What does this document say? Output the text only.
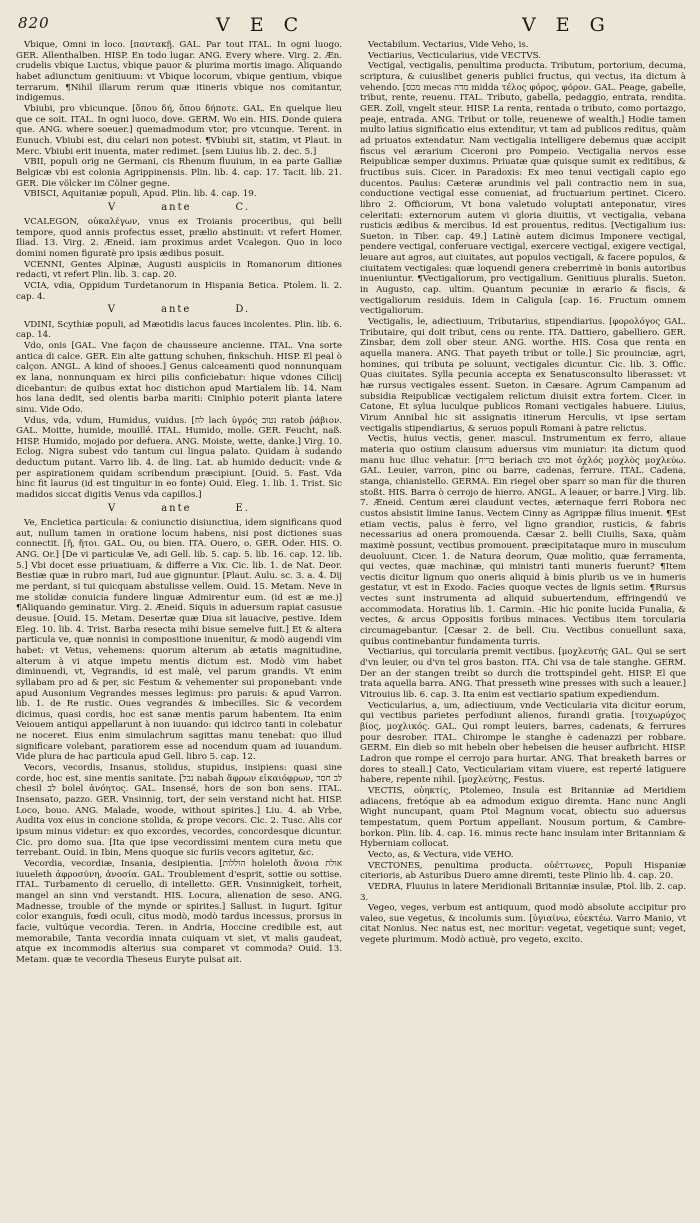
820	V E C	V E G

Vbique, Omni in loco. [παντακῇ. GAL. Par tout ITAL. In ogni luogo. GER. Allenthalben. HISP. En todo lugar. ANG. Every where. Virg. 2. Æn. crudelis vbique Luctus, vbique pauor & plurima mortis imago. Aliquando habet adiunctum genitiuum: vt Vbique locorum, vbique gentium, vbique terrarum. ¶Nihil illarum rerum quæ itineris vbique nos comitantur, indigemus.

Vbiubi, pro vbicunque. [ὅπου δή, ὅπου δήποτε. GAL. En quelque lieu que ce soit. ITAL. In ogni luoco, dove. GERM. Wo ein. HIS. Donde quiera que. ANG. where soeuer.] quemadmodum vtor, pro vtcunque. Terent. in Eunuch. Vbiubi est, diu celari non potest. ¶Vbiubi sit, statim, vt Plaut. in Merc. Vbiubi erit inuenta, mater redimet. [sem Liuius lib. 2. dec. 5.]

VBII, populi orig ne Germani, cis Rhenum fluuium, in ea parte Galliæ Belgicæ vbi est colonia Agrippinensis. Plin. lib. 4. cap. 17. Tacit. lib. 21. GER. Die völcker im Cölner gegne.

VBISCI, Aquitaniæ populi, Apud. Plin. lib. 4. cap. 19.

V	ante	C.

VCALEGON, οὐκαλέγων, vnus ex Troianis proceribus, qui belli tempore, quod annis profectus esset, prælio abstinuit: vt refert Homer. Iliad. 13. Virg. 2. Æneid. iam proximus ardet Vcalegon. Quo in loco domini nomen figuratè pro ipsis ædibus posuit.

VCENNI, Gentes Alpinæ, Augusti auspiciis in Romanorum ditiones redacti, vt refert Plin. lib. 3. cap. 20.

VCIA, vdia, Oppidum Turdetanorum in Hispania Betica. Ptolem. li. 2. cap. 4.

V	ante	D.

VDINI, Scythiæ populi, ad Mæotidis lacus fauces incolentes. Plin. lib. 6. cap. 14.

Vdo, onis [GAL. Vne façon de chausseure ancienne. ITAL. Vna sorte antica di calce. GER. Ein alte gattung schuhen, finkschuh. HISP. El peal ò calçon. ANGL. A kind of shooes.] Genus calceamenti quod nonnunquam ex lana, nonnunquam ex hirci pilis conficiebatur: hique vdones Cilicij dicebantur: de quibus extat hoc distichon apud Martialem lib. 14. Nam hos lana dedit, sed olentis barba mariti: Ciniphio poterit planta latere sinu. Vide Odo.

Vdus, vda, vdum, Humidus, vuidus. [לח lach ὑγρός נטוב ratob ῥάβιον. GAL. Moitte, humide, mouillé. ITAL. Humido, molle. GER. Feucht, naß. HISP. Humido, mojado por defuera. ANG. Moiste, wette, danke.] Virg. 10. Eclog. Nigra subest vdo tantum cui lingua palato. Quidam à sudando deductum putant. Varro lib. 4. de ling. Lat. ab humido deducit: vnde & per aspirationem quidam scribendum præcipiunt. [Ouid. 5. Fast. Vda hinc fit laurus (id est tinguitur in eo fonte) Ouid. Eleg. 1. lib. 1. Trist. Sic madidos siccat digitis Venus vda capillos.]

V	ante	E.

Ve, Encletica particula: & coniunctio disiunctiua, idem significans quod aut, nullum tamen in oratione locum habens, nisi post dictiones suas connectit. [ἤ, ἤτοι. GAL. Ou, ou bien. ITA. Ouero, o. GER. Oder. HIS. O. ANG. Or.] [De vi particulæ Ve, adi Gell. lib. 5. cap. 5. lib. 16. cap. 12. lib. 5.] Vbi docet esse priuatiuam, & differre a Vix. Cic. lib. 1. de Nat. Deor. Bestiæ quæ in rubro mari, Iud aue gignuntur. [Plaut. Aulu. sc. 3. a. 4. Dij me perdant, si tui quicquam abstulisse vellem. Ouid. 15. Metam. Neve in me stolidæ conuicia fundere linguæ Admirentur eum. (id est æ me.)] ¶Aliquando geminatur. Virg. 2. Æneid. Siquis in aduersum rapiat casusue deusue. [Ouid. 15. Metam. Desertæ quæ Diua sit lauacive, pestive. Idem Eleg. 10. lib. 4. Trist. Barba resecta mihi bisue semelve fuit.] Et & altera particula ve, quæ nonnisi in compositione inuenitur, & modò augendi vim habet: vt Vetus, vehemens: quorum alterum ab ætatis magnitudine, alterum à vi atque impetu mentis dictum est. Modò vim habet diminuendi, vt, Vegrandis, id est malè, vel parum grandis. Vt enim syllabam pro ad & per, sic Festum & vehementer sui proponebant: vnde apud Ausonium Vegrandes messes legimus: pro paruis: & apud Varron. lib. 1. de Re rustic. Oues vegrandes & imbecilles. Sic & vecordem dicimus, quasi cordis, hoc est sanæ mentis parum habentem. Ita enim Veiouem antiqui appellarunt à non iuuando: qui idcirco tanti in colebatur ne noceret. Eius enim simulachrum sagittas manu tenebat: quo illud significare volebant, paratiorem esse ad nocendum quam ad iuuandum. Vide plura de hac particula apud Gell. libro 5. cap. 12.

Vecors, vecordis, Insanus, stolidus, stupidus, insipiens: quasi sine corde, hoc est, sine mentis sanitate. [נבל nabah ἄφρων εἰκαιόφρων, לב חסר chesil לב bolel ἀνόητος. GAL. Insensé, hors de son bon sens. ITAL. Insensato, pazzo. GER. Vnsinnig, tort, der sein verstand nicht hat. HISP. Loco, bouo. ANG. Malade, woode, without spirites.] Liu. 4. ab Vrbe, Audita vox eius in concione stolida, & prope vecors. Cic. 2. Tusc. Alis cor ipsum minus videtur: ex quo excordes, vecordes, concordesque dicuntur. Cic. pro domo sua. [Ita que ipse vecordissimi mentem cura metu que terrebant. Ouid. in Ibin, Mens quoque sic furiis vecors agitetur, &c.

Vecordia, vecordiæ, Insania, desipientia. [הוללות holeloth ἄνοια אולת iuueleth ἀφροσύνη, ἀνοσία. GAL. Troublement d'esprit, sottie ou sottise. ITAL. Turbamento di ceruello, di intelletto. GER. Vnsinnigkeit, torheit, mangel an sinn vnd verstandt. HIS. Locura, alienation de seso. ANG. Madnesse, trouble of the mynde or spirites.] Sallust. in Iugurt. Igitur color exanguis, fœdi oculi, citus modò, modò tardus incessus, prorsus in facie, vultúque vecordia. Teren. in Andria, Hoccine credibile est, aut memorabile, Tanta vecordia innata cuiquam vt siet, vt malis gaudeat, atque ex incommodis alterius sua comparet vt commoda? Ouid. 13. Metam. quæ te vecordia Theseus Euryte pulsat ait.

Vectabilum. Vectarius, Vide Veho, is.

Vectiarius, Vecticularius, vide VECTVS.

Vectigal, vectigalis, penultima producta. Tributum, portorium, decuma, scriptura, & cuiuslibet generis publici fructus, qui vectus, ita dictum à vehendo. [מכס mecas מדה midda τέλος φόρος, φόρον. GAL. Peage, gabelle, tribut, rente, reuenu. ITAL. Tributo, gabella, pedaggio, entrata, rendita. GER. Zoll, vngelt steur. HISP. La renta, rentada o tributo, como portazgo, peaje, entrada. ANG. Tribut or tolle, reuenewe of wealth.] Hodie tamen multo latius significatio eius extenditur, vt tam ad publicos reditus, quàm ad priuatos extendatur. Nam vectigalia intelligere debemus quæ accipit fiscus vel ærarium Ciceroni pro Pompeio. Vectigalia nervos esse Reipublicæ semper duximus. Priuatæ quæ quisque sumit ex reditibus, & fructibus suis. Cicer. in Paradoxis: Ex meo tenui vectigali capio ego ducentos. Paulus: Cæteræ arundinis vel pali contractio nem in sua, conductione vectigal esse conueniat, ad fructuarium pertinet. Cicero. libro 2. Officiorum, Vt bona valetudo voluptati anteponatur, vires celeritati: externorum autem vi gloria diuitiis, vt vectigalia, vebana rusticis ædibus & mercibus. Id est prouentus, reditus. [Vectigalium ius: Sueton. in Tiber. cap. 49.] Latinè autem dicimus Imponere vectigal, pendere vectigal, conferuare vectigal, exercere vectigal, exigere vectigal, leuare aut agros, aut ciuitates, aut populos vectigali, & facere populos, & ciuitatem vectigales: quæ loquendi genera creberrimè in bonis autoribus inueniuntur. ¶Vectigaliorum, pro vectigalium. Genitiuus pluralis. Sueton. in Augusto, cap. ultim. Quantum pecuniæ in ærario & fiscis, & vectigaliorum residuis. Idem in Caligula [cap. 16. Fructum omnem vectigaliorum.

Vectigalis, le, adiectiuum, Tributarius, stipendiarius. [φορολόγος GAL. Tributaire, qui doit tribut, cens ou rente. ITA. Dattiero, gabelliero. GER. Zinsbar, dem zoll ober steur. ANG. worthe. HIS. Cosa que renta en aquella manera. ANG. That payeth tribut or tolle.] Sic prouinciæ, agri, homines, qui tributa pe soluunt, vectigales dicuntur. Cic. lib. 3. Offic. Quas ciuitates. Sylla pecunia accepta ex Senatusconsulto liberasset: vt hæ rursus vectigales essent. Sueton. in Cæsare. Agrum Campanum ad subsidia Reipublicæ vectigalem relictum diuisit extra fortem. Cicer. in Catone, Et sylua luculque publicos Romani vectigales habuere. Liuius, Virum Annibal hic sit assignatis itinerum Herculis, vt ipse sertam vectigalis stipendiarius, & seruos populi Romani à patre relictus.

Vectis, huius vectis, gener. mascul. Instrumentum ex ferro, aliaue materia quo ostium clausum aduersus vim muniatur: ita dictum quod manu huc illuc vehatur. [בריח beriach מוט mot ὀχλός μοχλὸς μοχλεύω. GAL. Leuier, varron, pinc ou barre, cadenas, ferrure. ITAL. Cadena, stanga, chianistello. GERMA. Ein riegel ober sparr so man für die thuren stoßt. HIS. Barra ò cerrojo de hierro. ANGL. A leauer, or barre.] Virg. lib. 7. Æneid. Centum ærei claudunt vectes, æternaque ferri Robora nec custos absistit limine Ianus. Vectem Cinny as Agrippæ filius inuenit. ¶Est etiam vectis, palus è ferro, vel ligno grandior, rusticis, & fabris necessarius ad onera promouenda. Cæsar 2. belli Ciuilis, Saxa, quàm maximè possunt, vectibus promouent. præcipitataque muro in musculum deuoluunt. Cicer. 1. de Natura deorum, Quæ molitio, quæ ferramenta, qui vectes, quæ machinæ, qui ministri tanti muneris fuerunt? ¶Item vectis dicitur lignum quo oneris aliquid à binis plurib us ve in humeris gestatur, vt est in Exodo. Facies quoque vectes de lignis setim. ¶Rursus vectes sunt instrumenta ad aliquid subuertendum, effringendú ve accommodata. Horatius lib. 1. Carmin. -Hic hic ponite lucida Funalia, & vectes, & arcus Oppositis foribus minaces. Vectibus item torcularia circumagebantur. [Cæsar 2. de bell. Ciu. Vectibus conuellunt saxa, quibus continebantur fundamenta turris.

Vectiarius, qui torcularia premit vectibus. [μοχλευτής GAL. Qui se sert d'vn leuier, ou d'vn tel gros baston. ITA. Chi vsa de tale stanghe. GERM. Der an der stangen treibt so durch die trottspindel geht. HISP. El que trata aquella barra. ANG. That presseth wine presses with such a leauer.] Vitrouius lib. 6. cap. 3. Ita enim est vectiario spatium expediendum.

Vecticularius, a, um, adiectiuum, vnde Vecticularia vita dicitur eorum, qui vectibus parietes perfodiunt alienos, furandi gratia. [τοιχωρύχος βίος, μοχλικός. GAL. Qui rompt leuiers, barres, cadenats, & ferrures pour desrober. ITAL. Chirompe le stanghe è cadenazzi per robbare. GERM. Ein dieb so mit hebeln ober hebeisen die heuser aufbricht. HISP. Ladron que rompe el cerrojo para hurtar. ANG. That breaketh barres or dores to steall.] Cato, Vecticulariam vitam viuere, est reperté latiguere habere, repente nihil. [μοχλεύτης, Festus.

VECTIS, οὐηκτίς, Ptolemeo, Insula est Britanniæ ad Meridiem adiacens, fretóque ab ea admodum exiguo diremta. Hanc nunc Angli Wight nuncupant, quam Ptol Magnum vocat, obiectu suo aduersus tempestatum, quem Portum appellant. Nousum portum, & Cambre-borkon. Plin. lib. 4. cap. 16. minus recte hanc insulam inter Britanniam & Hyberniam collocat.

Vecto, as, & Vectura, vide VEHO.

VECTONES, penultima producta. οὐέττωνες, Populi Hispaniæ citerioris, ab Asturibus Duero amne diremti, teste Plinio lib. 4. cap. 20.

VEDRA, Fluuius in latere Meridionali Britanniæ insulæ, Ptol. lib. 2. cap. 3.

Vegeo, veges, verbum est antiquum, quod modò absolute accipitur pro valeo, sue vegetus, & incolumis sum. [ὑγιαίνω, εὐεκτέω. Varro Manio, vt citat Nonius. Nec natus est, nec moritur: vegetat, vegetique sunt; veget, vegete plurimum. Modò actiuè, pro vegeto, excito.
